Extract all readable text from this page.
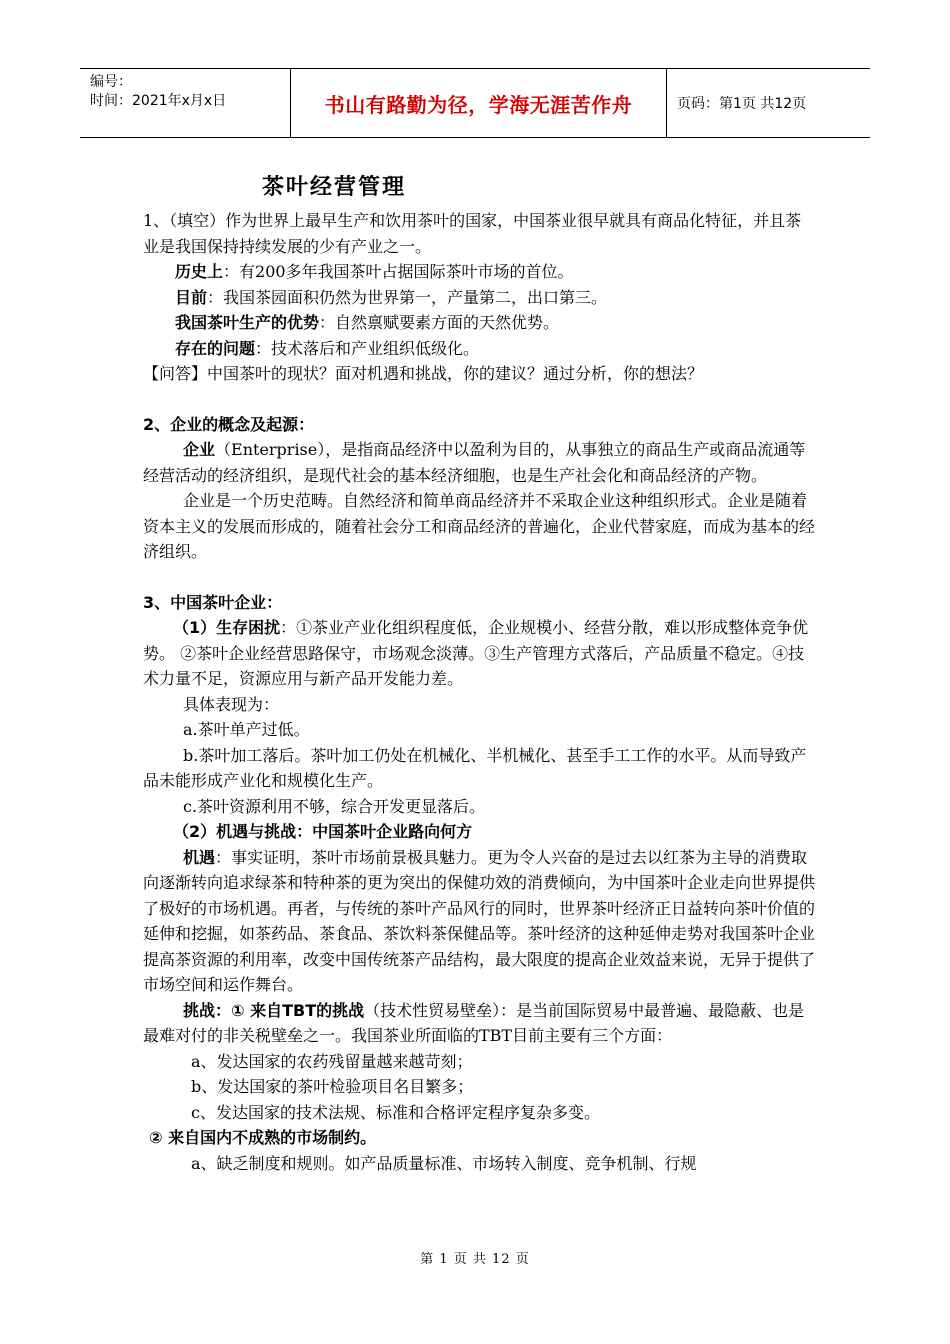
编号：
时间：2021年x月x日	书山有路勤为径，学海无涯苦作舟	页码：第1页 共12页
茶叶经营管理

1、（填空）作为世界上最早生产和饮用茶叶的国家，中国茶业很早就具有商品化特征，并且茶业是我国保持持续发展的少有产业之一。

历史上：有200多年我国茶叶占据国际茶叶市场的首位。

目前：我国茶园面积仍然为世界第一，产量第二，出口第三。

我国茶叶生产的优势：自然禀赋要素方面的天然优势。

存在的问题：技术落后和产业组织低级化。

【问答】中国茶叶的现状？面对机遇和挑战，你的建议？通过分析，你的想法？

2、企业的概念及起源：

企业（Enterprise），是指商品经济中以盈利为目的，从事独立的商品生产或商品流通等经营活动的经济组织，是现代社会的基本经济细胞，也是生产社会化和商品经济的产物。

企业是一个历史范畴。自然经济和简单商品经济并不采取企业这种组织形式。企业是随着资本主义的发展而形成的，随着社会分工和商品经济的普遍化，企业代替家庭，而成为基本的经济组织。

3、中国茶叶企业：

（1）生存困扰：①茶业产业化组织程度低，企业规模小、经营分散，难以形成整体竞争优势。 ②茶叶企业经营思路保守，市场观念淡薄。③生产管理方式落后，产品质量不稳定。④技术力量不足，资源应用与新产品开发能力差。

具体表现为：

a.茶叶单产过低。

b.茶叶加工落后。茶叶加工仍处在机械化、半机械化、甚至手工工作的水平。从而导致产品未能形成产业化和规模化生产。

c.茶叶资源利用不够，综合开发更显落后。

（2）机遇与挑战：中国茶叶企业路向何方

机遇：事实证明，茶叶市场前景极具魅力。更为令人兴奋的是过去以红茶为主导的消费取向逐渐转向追求绿茶和特种茶的更为突出的保健功效的消费倾向，为中国茶叶企业走向世界提供了极好的市场机遇。再者，与传统的茶叶产品风行的同时，世界茶叶经济正日益转向茶叶价值的延伸和挖掘，如茶药品、茶食品、茶饮料茶保健品等。茶叶经济的这种延伸走势对我国茶叶企业提高茶资源的利用率，改变中国传统茶产品结构，最大限度的提高企业效益来说，无异于提供了市场空间和运作舞台。

挑战：① 来自TBT的挑战（技术性贸易壁垒）：是当前国际贸易中最普遍、最隐蔽、也是最难对付的非关税壁垒之一。我国茶业所面临的TBT目前主要有三个方面：

a、发达国家的农药残留量越来越苛刻；

b、发达国家的茶叶检验项目名目繁多；

c、发达国家的技术法规、标准和合格评定程序复杂多变。

② 来自国内不成熟的市场制约。

a、缺乏制度和规则。如产品质量标准、市场转入制度、竞争机制、行规

第 1 页 共 12 页
